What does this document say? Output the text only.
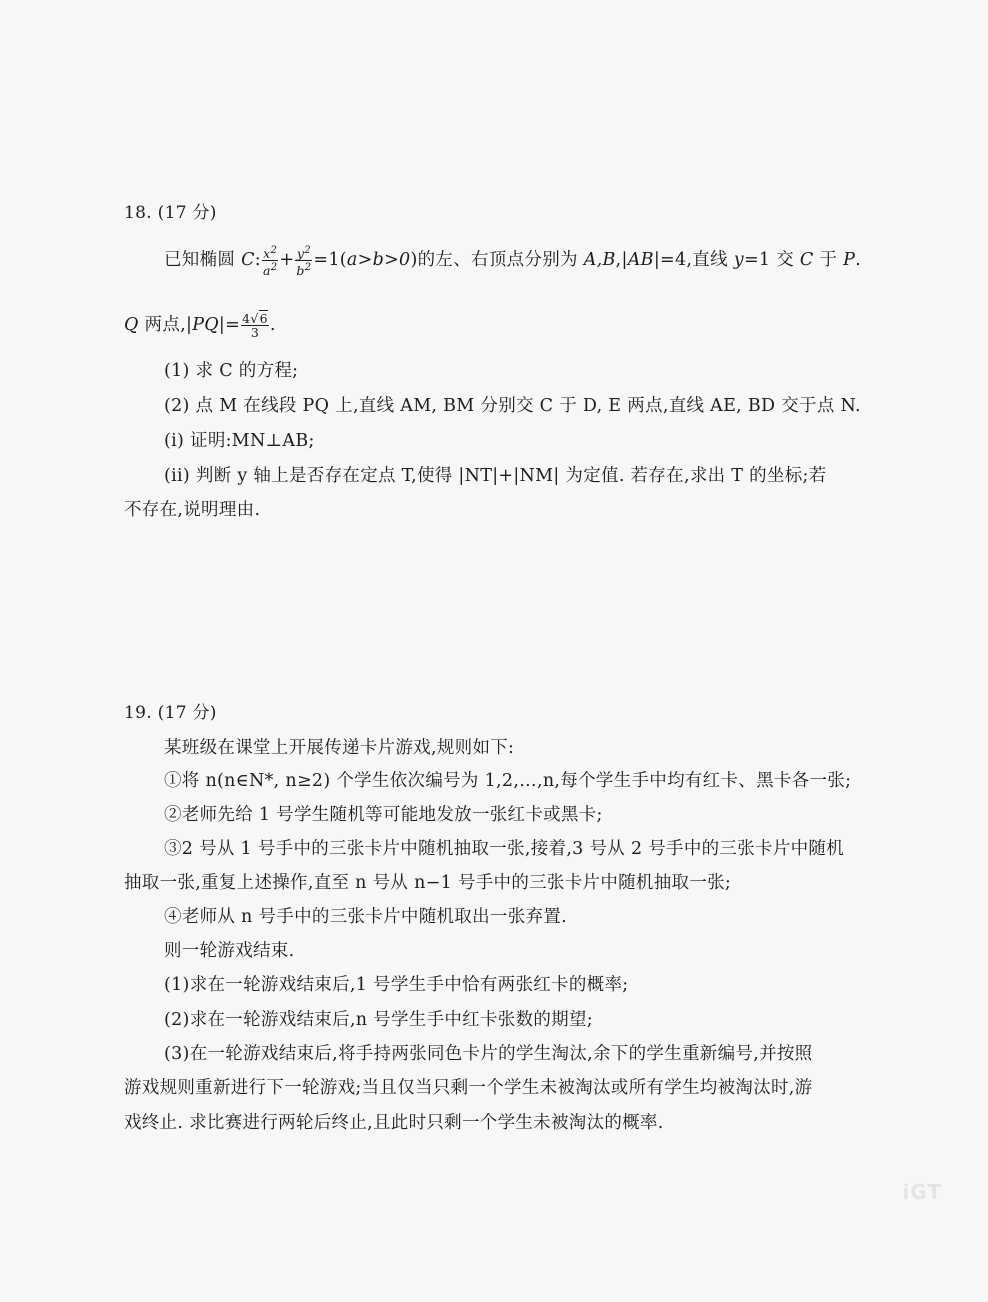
18. (17 分)
已知椭圆 C: $\frac{x^2}{a^2} + \frac{y^2}{b^2} =1(a>b>0)$的左、右顶点分别为 A,B,|AB|=4,直线 y=1 交 C 于 P.
Q 两点$,|PQ|= \frac{4√6}{3}$ .
(1) 求 C 的方程;
(2) 点 M 在线段 PQ 上,直线 AM, BM 分别交 C 于 D, E 两点,直线 AE, BD 交于点 N.
(i) 证明:MN⊥AB;
(ii) 判断 y 轴上是否存在定点 T,使得 |NT|+|NM| 为定值. 若存在,求出 T 的坐标;若
不存在,说明理由.
19. (17 分)
某班级在课堂上开展传递卡片游戏,规则如下:
①将 n(n∈N*, n≥2) 个学生依次编号为 1,2,…,n,每个学生手中均有红卡、黑卡各一张;
②老师先给 1 号学生随机等可能地发放一张红卡或黑卡;
③2 号从 1 号手中的三张卡片中随机抽取一张,接着,3 号从 2 号手中的三张卡片中随机
抽取一张,重复上述操作,直至 n 号从 n−1 号手中的三张卡片中随机抽取一张;
④老师从 n 号手中的三张卡片中随机取出一张弃置.
则一轮游戏结束.
(1)求在一轮游戏结束后,1 号学生手中恰有两张红卡的概率;
(2)求在一轮游戏结束后,n 号学生手中红卡张数的期望;
(3)在一轮游戏结束后,将手持两张同色卡片的学生淘汰,余下的学生重新编号,并按照
游戏规则重新进行下一轮游戏;当且仅当只剩一个学生未被淘汰或所有学生均被淘汰时,游
戏终止. 求比赛进行两轮后终止,且此时只剩一个学生未被淘汰的概率.
iGT
